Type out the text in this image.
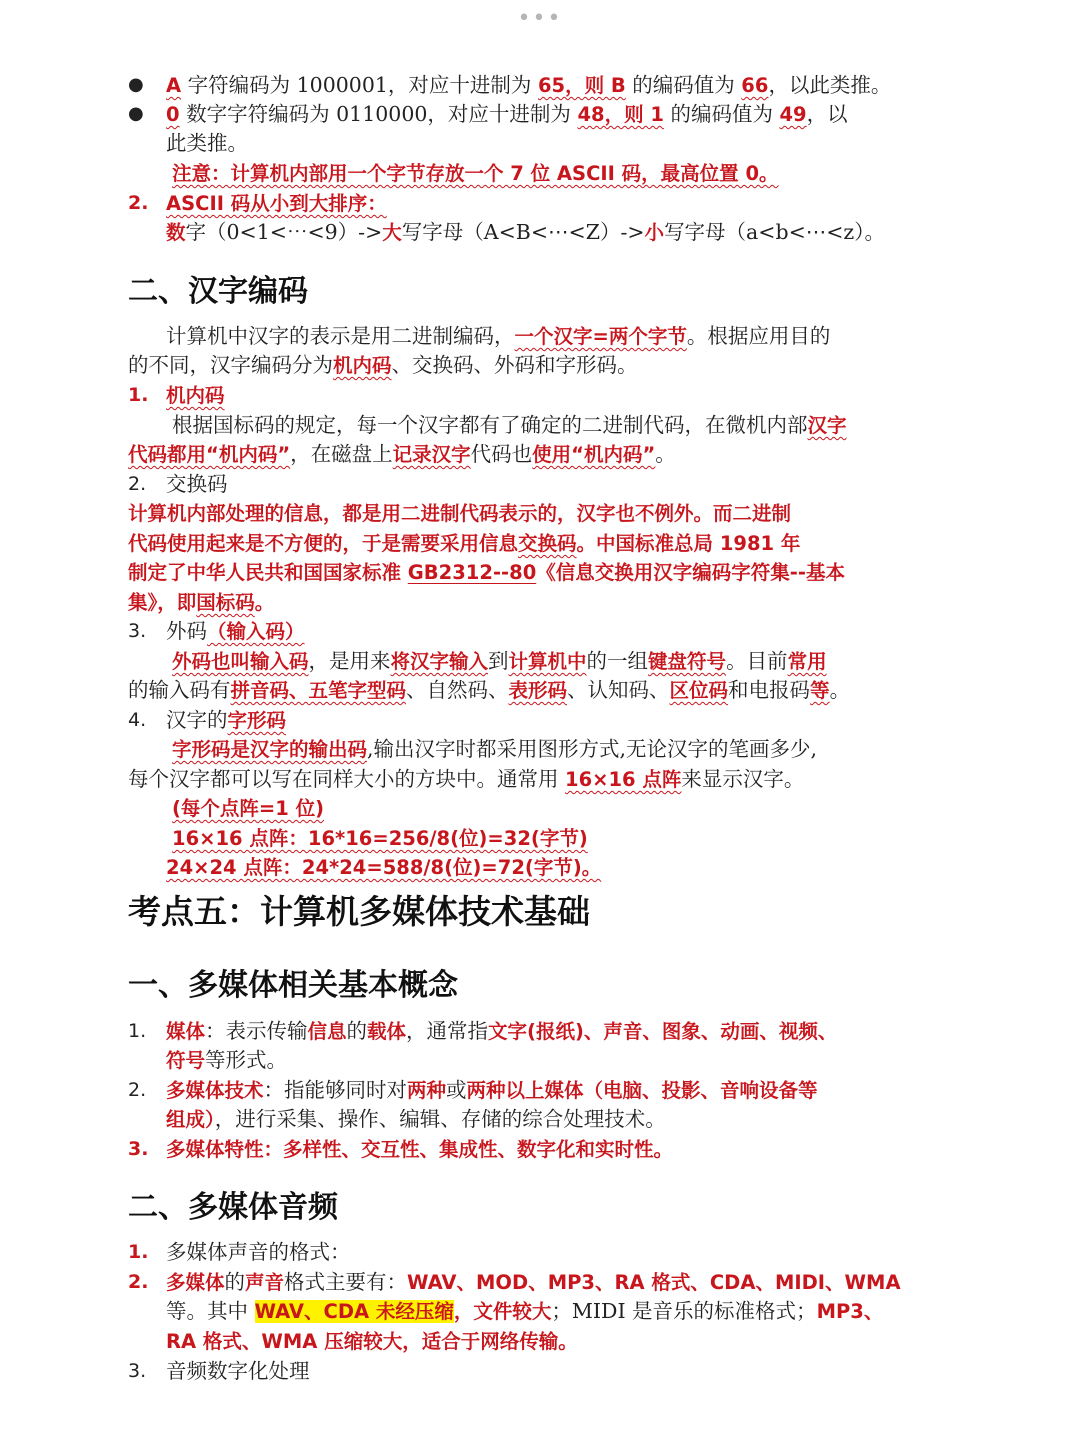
•••
● A 字符编码为 1000001，对应十进制为 65，则 B 的编码值为 66，以此类推。
● 0 数字字符编码为 0110000，对应十进制为 48，则 1 的编码值为 49，以
此类推。
注意：计算机内部用一个字节存放一个 7 位 ASCII 码，最高位置 0。
2. ASCII 码从小到大排序：
数字（0<1<⋯<9）->大写字母（A<B<⋯<Z）->小写字母（a<b<⋯<z）。
二、汉字编码
计算机中汉字的表示是用二进制编码，一个汉字=两个字节。根据应用目的
的不同，汉字编码分为机内码、交换码、外码和字形码。
1. 机内码
根据国标码的规定，每一个汉字都有了确定的二进制代码，在微机内部汉字
代码都用“机内码”，在磁盘上记录汉字代码也使用“机内码”。
2. 交换码
计算机内部处理的信息，都是用二进制代码表示的，汉字也不例外。而二进制
代码使用起来是不方便的，于是需要采用信息交换码。中国标准总局 1981 年
制定了中华人民共和国国家标准 GB2312--80《信息交换用汉字编码字符集--基本
集》，即国标码。
3. 外码（输入码）
外码也叫输入码，是用来将汉字输入到计算机中的一组键盘符号。目前常用
的输入码有拼音码、五笔字型码、自然码、表形码、认知码、区位码和电报码等。
4. 汉字的字形码
字形码是汉字的输出码,输出汉字时都采用图形方式,无论汉字的笔画多少,
每个汉字都可以写在同样大小的方块中。通常用 16×16 点阵来显示汉字。
(每个点阵=1 位)
16×16 点阵：16*16=256/8(位)=32(字节)
24×24 点阵：24*24=588/8(位)=72(字节)。
考点五：计算机多媒体技术基础
一、多媒体相关基本概念
1. 媒体：表示传输信息的载体，通常指文字(报纸)、声音、图象、动画、视频、
符号等形式。
2. 多媒体技术：指能够同时对两种或两种以上媒体（电脑、投影、音响设备等
组成），进行采集、操作、编辑、存储的综合处理技术。
3. 多媒体特性：多样性、交互性、集成性、数字化和实时性。
二、多媒体音频
1. 多媒体声音的格式：
2. 多媒体的声音格式主要有：WAV、MOD、MP3、RA 格式、CDA、MIDI、WMA
等。其中 WAV、CDA 未经压缩，文件较大；MIDI 是音乐的标准格式；MP3、
RA 格式、WMA 压缩较大，适合于网络传输。
3. 音频数字化处理
